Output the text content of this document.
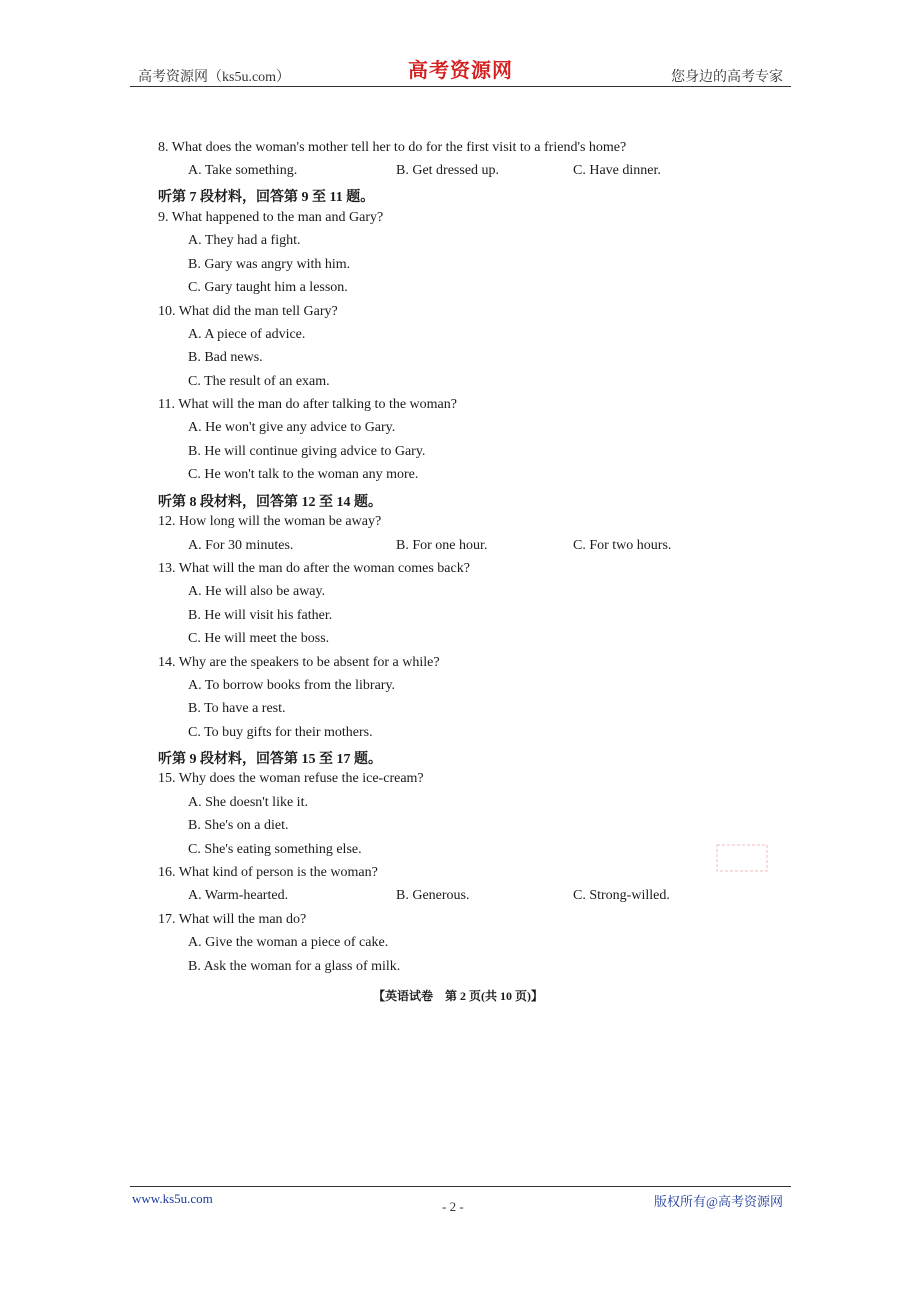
高考资源网（ks5u.com）	高考资源网	您身边的高考专家
8. What does the woman's mother tell her to do for the first visit to a friend's home?
A. Take something.	B. Get dressed up.	C. Have dinner.
听第 7 段材料，回答第 9 至 11 题。
9. What happened to the man and Gary?
A. They had a fight.
B. Gary was angry with him.
C. Gary taught him a lesson.
10. What did the man tell Gary?
A. A piece of advice.
B. Bad news.
C. The result of an exam.
11. What will the man do after talking to the woman?
A. He won't give any advice to Gary.
B. He will continue giving advice to Gary.
C. He won't talk to the woman any more.
听第 8 段材料，回答第 12 至 14 题。
12. How long will the woman be away?
A. For 30 minutes.	B. For one hour.	C. For two hours.
13. What will the man do after the woman comes back?
A. He will also be away.
B. He will visit his father.
C. He will meet the boss.
14. Why are the speakers to be absent for a while?
A. To borrow books from the library.
B. To have a rest.
C. To buy gifts for their mothers.
听第 9 段材料，回答第 15 至 17 题。
15. Why does the woman refuse the ice-cream?
A. She doesn't like it.
B. She's on a diet.
C. She's eating something else.
16. What kind of person is the woman?
A. Warm-hearted.	B. Generous.	C. Strong-willed.
17. What will the man do?
A. Give the woman a piece of cake.
B. Ask the woman for a glass of milk.
【英语试卷　第 2 页(共 10 页)】
www.ks5u.com
- 2 -	版权所有@高考资源网
